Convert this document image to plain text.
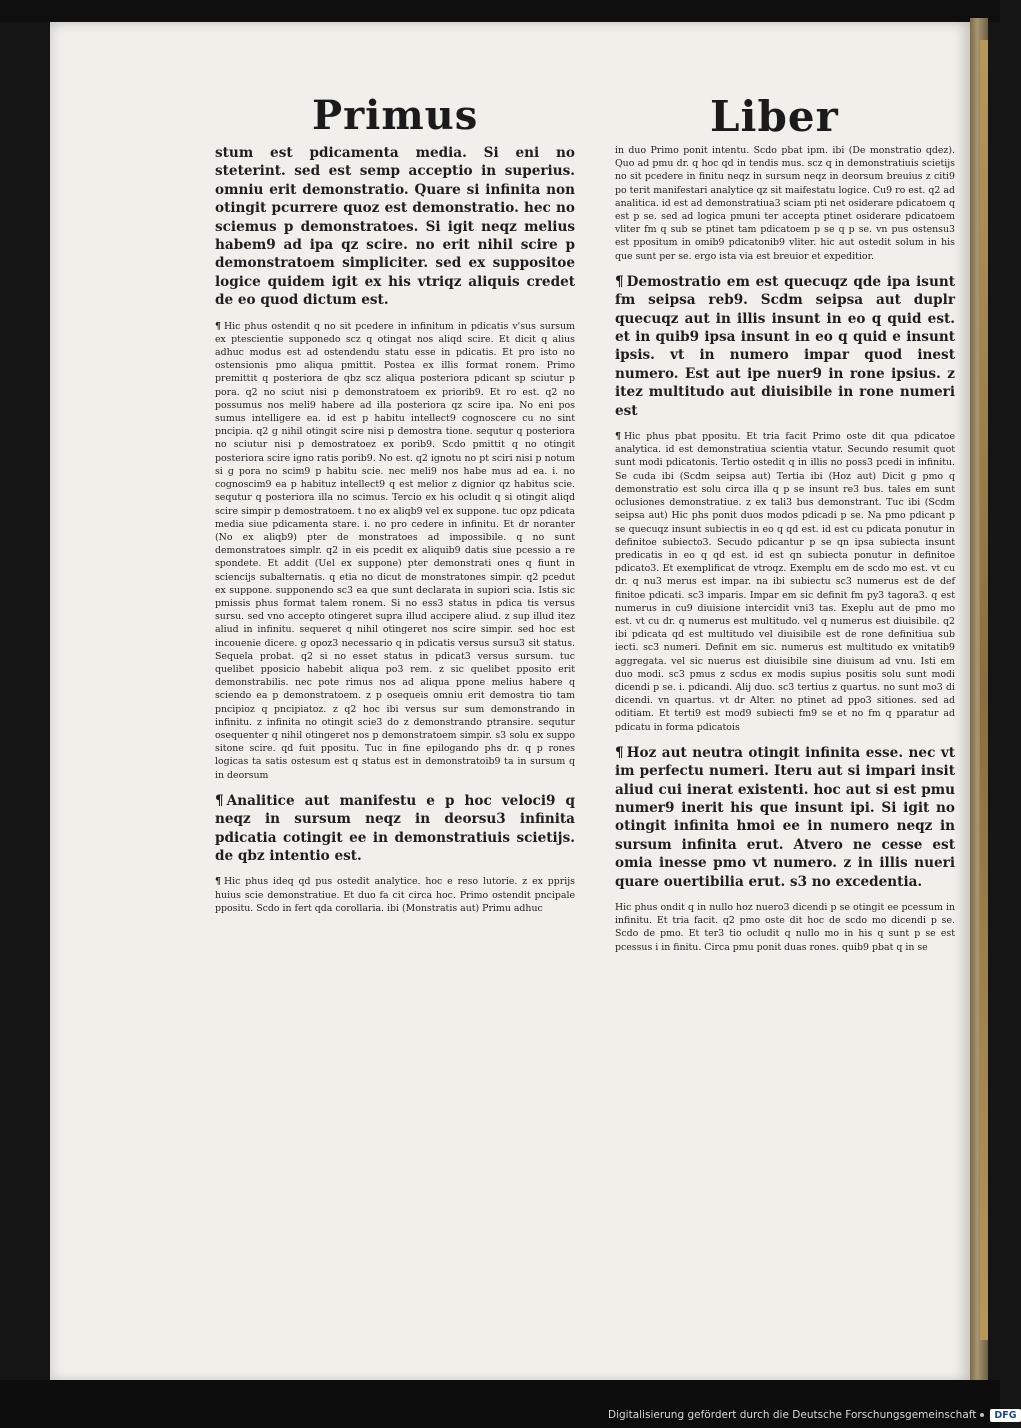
Primus	Liber

stum est pdicamenta media. Si eni no steterint. sed est semp acceptio in superius. omniu erit demonstratio. Quare si infinita non otingit pcurrere quoz est demonstratio. hec no sciemus p demonstratoes. Si igit neqz melius habem9 ad ipa qz scire. no erit nihil scire p demonstratoem simpliciter. sed ex suppositoe logice quidem igit ex his vtriqz aliquis credet de eo quod dictum est.

¶ Hic phus ostendit q no sit pcedere in infinitum in pdicatis v'sus sursum ex ptescientie supponedo scz q otingat nos aliqd scire. Et dicit q alius adhuc modus est ad ostendendu statu esse in pdicatis. Et pro isto no ostensionis pmo aliqua pmittit. Postea ex illis format ronem. Primo premittit q posteriora de qbz scz aliqua posteriora pdicant sp sciutur p pora. q2 no sciut nisi p demonstratoem ex priorib9. Et ro est. q2 no possumus nos meli9 habere ad illa posteriora qz scire ipa. No eni pos sumus intelligere ea. id est p habitu intellect9 cognoscere cu no sint pncipia. q2 g nihil otingit scire nisi p demostra tione. sequtur q posteriora no sciutur nisi p demostratoez ex porib9. Scdo pmittit q no otingit posteriora scire igno ratis porib9. No est. q2 ignotu no pt sciri nisi p notum si g pora no scim9 p habitu scie. nec meli9 nos habe mus ad ea. i. no cognoscim9 ea p habituz intellect9 q est melior z dignior qz habitus scie. sequtur q posteriora illa no scimus. Tercio ex his ocludit q si otingit aliqd scire simpir p demostratoem. t no ex aliqb9 vel ex suppone. tuc opz pdicata media siue pdicamenta stare. i. no pro cedere in infinitu. Et dr noranter (No ex aliqb9) pter de monstratoes ad impossibile. q no sunt demonstratoes simplr. q2 in eis pcedit ex aliquib9 datis siue pcessio a re spondete. Et addit (Uel ex suppone) pter demonstrati ones q fiunt in sciencijs subalternatis. q etia no dicut de monstratones simpir. q2 pcedut ex suppone. supponendo sc3 ea que sunt declarata in supiori scia. Istis sic pmissis phus format talem ronem. Si no ess3 status in pdica tis versus sursu. sed vno accepto otingeret supra illud accipere aliud. z sup illud itez aliud in infinitu. sequeret q nihil otingeret nos scire simpir. sed hoc est incouenie dicere. g opoz3 necessario q in pdicatis versus sursu3 sit status. Sequela probat. q2 si no esset status in pdicat3 versus sursum. tuc quelibet pposicio habebit aliqua po3 rem. z sic quelibet pposito erit demonstrabilis. nec pote rimus nos ad aliqua ppone melius habere q sciendo ea p demonstratoem. z p osequeis omniu erit demostra tio tam pncipioz q pncipiatoz. z q2 hoc ibi versus sur sum demonstrando in infinitu. z infinita no otingit scie3 do z demonstrando ptransire. sequtur osequenter q nihil otingeret nos p demonstratoem simpir. s3 solu ex suppo sitone scire. qd fuit ppositu. Tuc in fine epilogando phs dr. q p rones logicas ta satis ostesum est q status est in demonstratoib9 ta in sursum q in deorsum

¶ Analitice aut manifestu e p hoc veloci9 q neqz in sursum neqz in deorsu3 infinita pdicatia cotingit ee in demonstratiuis scietijs. de qbz intentio est.

¶ Hic phus ideq qd pus ostedit analytice. hoc e reso lutorie. z ex pprijs huius scie demonstratiue. Et duo fa cit circa hoc. Primo ostendit pncipale ppositu. Scdo in fert qda corollaria. ibi (Monstratis aut) Primu adhuc

in duo Primo ponit intentu. Scdo pbat ipm. ibi (De monstratio qdez). Quo ad pmu dr. q hoc qd in tendis mus. scz q in demonstratiuis scietijs no sit pcedere in finitu neqz in sursum neqz in deorsum breuius z citi9 po terit manifestari analytice qz sit maifestatu logice. Cu9 ro est. q2 ad analitica. id est ad demonstratiua3 sciam pti net osiderare pdicatoem q est p se. sed ad logica pmuni ter accepta ptinet osiderare pdicatoem vliter fm q sub se ptinet tam pdicatoem p se q p se. vn pus ostensu3 est ppositum in omib9 pdicatonib9 vliter. hic aut ostedit solum in his que sunt per se. ergo ista via est breuior et expeditior.

¶ Demostratio em est quecuqz qde ipa isunt fm seipsa reb9. Scdm seipsa aut duplr quecuqz aut in illis insunt in eo q quid est. et in quib9 ipsa insunt in eo q quid e insunt ipsis. vt in numero impar quod inest numero. Est aut ipe nuer9 in rone ipsius. z itez multitudo aut diuisibile in rone numeri est

¶ Hic phus pbat ppositu. Et tria facit Primo oste dit qua pdicatoe analytica. id est demonstratiua scientia vtatur. Secundo resumit quot sunt modi pdicatonis. Tertio ostedit q in illis no poss3 pcedi in infinitu. Se cuda ibi (Scdm seipsa aut) Tertia ibi (Hoz aut) Dicit g pmo q demonstratio est solu circa illa q p se insunt re3 bus. tales em sunt oclusiones demonstratiue. z ex tali3 bus demonstrant. Tuc ibi (Scdm seipsa aut) Hic phs ponit duos modos pdicadi p se. Na pmo pdicant p se quecuqz insunt subiectis in eo q qd est. id est cu pdicata ponutur in definitoe subiecto3. Secudo pdicantur p se qn ipsa subiecta insunt predicatis in eo q qd est. id est qn subiecta ponutur in definitoe pdicato3. Et exemplificat de vtroqz. Exemplu em de scdo mo est. vt cu dr. q nu3 merus est impar. na ibi subiectu sc3 numerus est de def finitoe pdicati. sc3 imparis. Impar em sic definit fm py3 tagora3. q est numerus in cu9 diuisione intercidit vni3 tas. Exeplu aut de pmo mo est. vt cu dr. q numerus est multitudo. vel q numerus est diuisibile. q2 ibi pdicata qd est multitudo vel diuisibile est de rone definitiua sub iecti. sc3 numeri. Definit em sic. numerus est multitudo ex vnitatib9 aggregata. vel sic nuerus est diuisibile sine diuisum ad vnu. Isti em duo modi. sc3 pmus z scdus ex modis supius positis solu sunt modi dicendi p se. i. pdicandi. Alij duo. sc3 tertius z quartus. no sunt mo3 di dicendi. vn quartus. vt dr Alter. no ptinet ad ppo3 sitiones. sed ad oditiam. Et terti9 est mod9 subiecti fm9 se et no fm q pparatur ad pdicatu in forma pdicatois

¶ Hoz aut neutra otingit infinita esse. nec vt im perfectu numeri. Iteru aut si impari insit aliud cui inerat existenti. hoc aut si est pmu numer9 inerit his que insunt ipi. Si igit no otingit infinita hmoi ee in numero neqz in sursum infinita erut. Atvero ne cesse est omia inesse pmo vt numero. z in illis nueri quare ouertibilia erut. s3 no excedentia.

Hic phus ondit q in nullo hoz nuero3 dicendi p se otingit ee pcessum in infinitu. Et tria facit. q2 pmo oste dit hoc de scdo mo dicendi p se. Scdo de pmo. Et ter3 tio ocludit q nullo mo in his q sunt p se est pcessus i in finitu. Circa pmu ponit duas rones. quib9 pbat q in se

Digitalisierung gefördert durch die Deutsche Forschungsgemeinschaft	DFG
